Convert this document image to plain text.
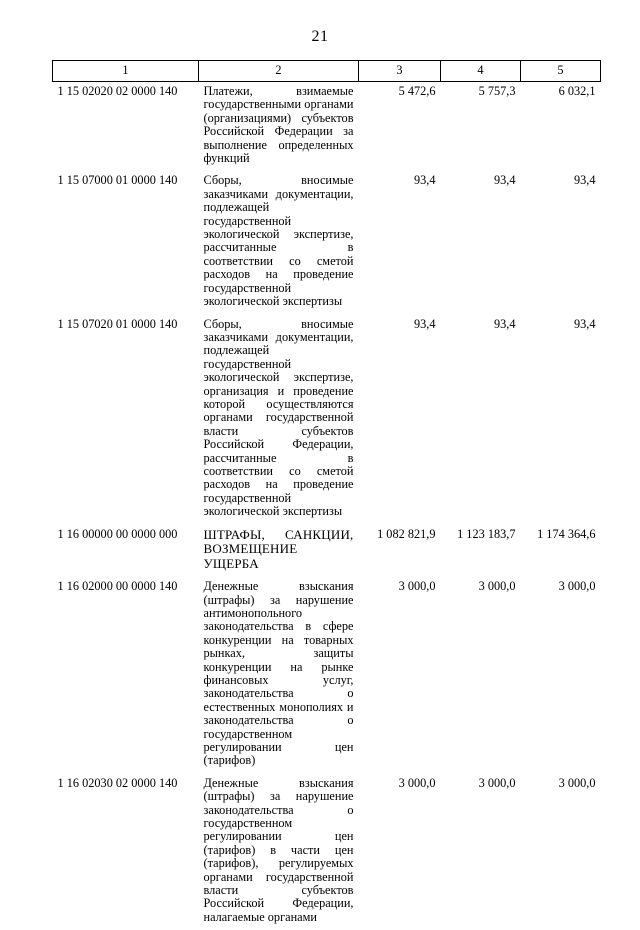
21
1	2	3	4	5
1 15 02020 02 0000 140	Платежи, взимаемые государственными органами (организациями) субъектов Российской Федерации за выполнение определенных функций	5 472,6	5 757,3	6 032,1
1 15 07000 01 0000 140	Сборы, вносимые заказчиками документации, подлежащей государственной экологической экспертизе, рассчитанные в соответствии со сметой расходов на проведение государственной экологической экспертизы	93,4	93,4	93,4
1 15 07020 01 0000 140	Сборы, вносимые заказчиками документации, подлежащей государственной экологической экспертизе, организация и проведение которой осуществляются органами государственной власти субъектов Российской Федерации, рассчитанные в соответствии со сметой расходов на проведение государственной экологической экспертизы	93,4	93,4	93,4
1 16 00000 00 0000 000	ШТРАФЫ, САНКЦИИ, ВОЗМЕЩЕНИЕ УЩЕРБА	1 082 821,9	1 123 183,7	1 174 364,6
1 16 02000 00 0000 140	Денежные взыскания (штрафы) за нарушение антимонопольного законодательства в сфере конкуренции на товарных рынках, защиты конкуренции на рынке финансовых услуг, законодательства о естественных монополиях и законодательства о государственном регулировании цен (тарифов)	3 000,0	3 000,0	3 000,0
1 16 02030 02 0000 140	Денежные взыскания (штрафы) за нарушение законодательства о государственном регулировании цен (тарифов) в части цен (тарифов), регулируемых органами государственной власти субъектов Российской Федерации, налагаемые органами	3 000,0	3 000,0	3 000,0
